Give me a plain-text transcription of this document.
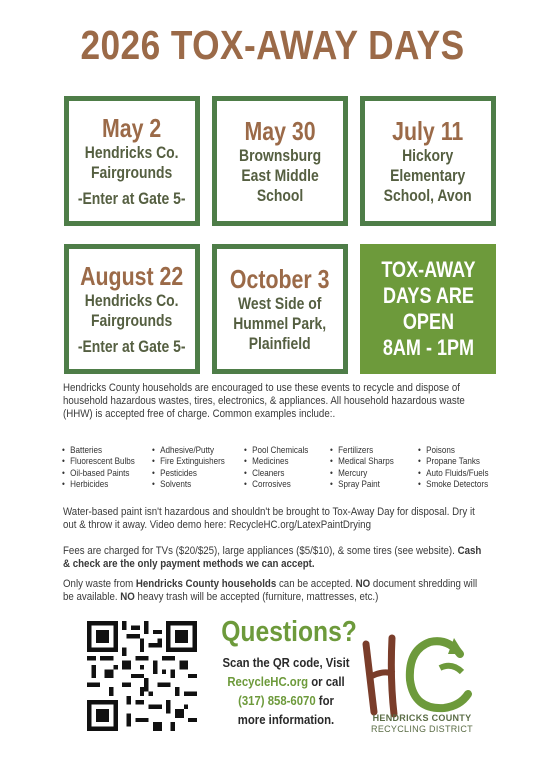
2026 TOX-AWAY DAYS
May 2
Hendricks Co.
Fairgrounds
-Enter at Gate 5-
May 30
Brownsburg
East Middle
School
July 11
Hickory
Elementary
School, Avon
August 22
Hendricks Co.
Fairgrounds
-Enter at Gate 5-
October 3
West Side of
Hummel Park,
Plainfield
TOX-AWAY
DAYS ARE
OPEN
8AM - 1PM
Hendricks County households are encouraged to use these events to recycle and dispose of household hazardous wastes, tires, electronics, & appliances. All household hazardous waste (HHW) is accepted free of charge. Common examples include:.
• Batteries
• Fluorescent Bulbs
• Oil-based Paints
• Herbicides
• Adhesive/Putty
• Fire Extinguishers
• Pesticides
• Solvents
• Pool Chemicals
• Medicines
• Cleaners
• Corrosives
• Fertilizers
• Medical Sharps
• Mercury
• Spray Paint
• Poisons
• Propane Tanks
• Auto Fluids/Fuels
• Smoke Detectors
Water-based paint isn't hazardous and shouldn't be brought to Tox-Away Day for disposal. Dry it out & throw it away. Video demo here: RecycleHC.org/LatexPaintDrying
Fees are charged for TVs ($20/$25), large appliances ($5/$10), & some tires (see website). Cash & check are the only payment methods we can accept.
Only waste from Hendricks County households can be accepted. NO document shredding will be available. NO heavy trash will be accepted (furniture, mattresses, etc.)
Questions?
Scan the QR code, Visit
RecycleHC.org or call
(317) 858-6070 for
more information.
HC
HENDRICKS COUNTY
RECYCLING DISTRICT
